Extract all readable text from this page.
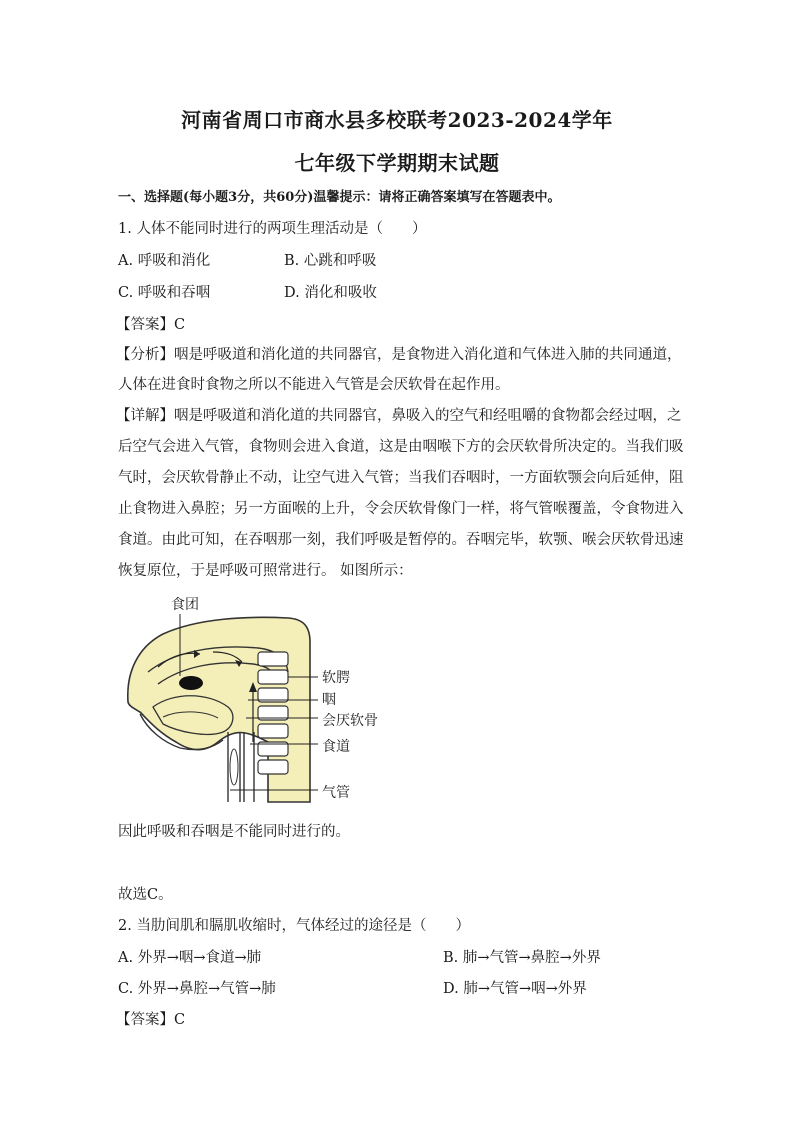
河南省周口市商水县多校联考2023-2024学年
七年级下学期期末试题
一、选择题(每小题3分，共60分)温馨提示：请将正确答案填写在答题表中。
1. 人体不能同时进行的两项生理活动是（　　）
A. 呼吸和消化	B. 心跳和呼吸
C. 呼吸和吞咽	D. 消化和吸收
【答案】C
【分析】咽是呼吸道和消化道的共同器官，是食物进入消化道和气体进入肺的共同通道，
人体在进食时食物之所以不能进入气管是会厌软骨在起作用。
【详解】咽是呼吸道和消化道的共同器官，鼻吸入的空气和经咀嚼的食物都会经过咽，之
后空气会进入气管，食物则会进入食道，这是由咽喉下方的会厌软骨所决定的。当我们吸
气时，会厌软骨静止不动，让空气进入气管；当我们吞咽时，一方面软颚会向后延伸，阻
止食物进入鼻腔；另一方面喉的上升，令会厌软骨像门一样，将气管喉覆盖，令食物进入
食道。由此可知，在吞咽那一刻，我们呼吸是暂停的。吞咽完毕，软颚、喉会厌软骨迅速
恢复原位，于是呼吸可照常进行。 如图所示：
食团
软腭
咽
会厌软骨
食道
气管
因此呼吸和吞咽是不能同时进行的。
故选C。
2. 当肋间肌和膈肌收缩时，气体经过的途径是（　　）
A. 外界→咽→食道→肺	B. 肺→气管→鼻腔→外界
C. 外界→鼻腔→气管→肺	D. 肺→气管→咽→外界
【答案】C
